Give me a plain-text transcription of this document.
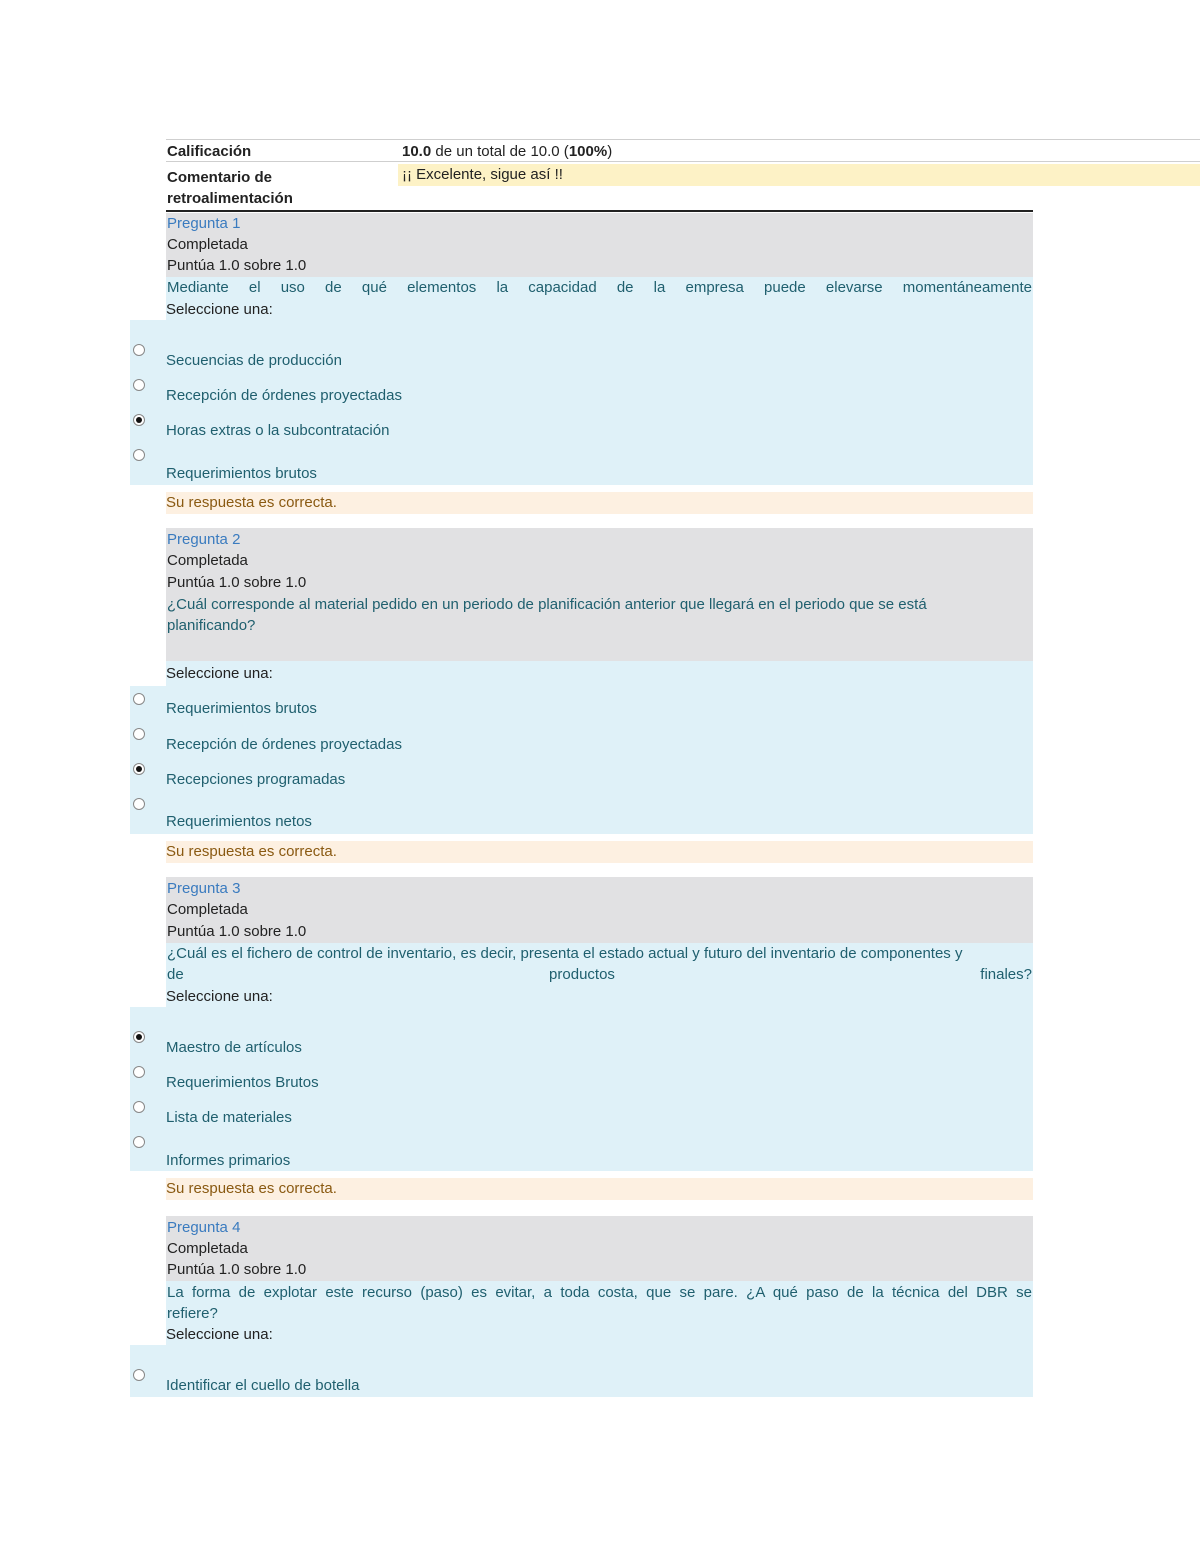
Calificación	10.0 de un total de 10.0 (100%)
Comentario de
retroalimentación
¡¡ Excelente, sigue así !!
Pregunta 1
Completada
Puntúa 1.0 sobre 1.0
Mediante el uso de qué elementos la capacidad de la empresa puede elevarse momentáneamente
Seleccione una:
Secuencias de producción
Recepción de órdenes proyectadas
Horas extras o la subcontratación
Requerimientos brutos
Su respuesta es correcta.
Pregunta 2
Completada
Puntúa 1.0 sobre 1.0
¿Cuál corresponde al material pedido en un periodo de planificación anterior que llegará en el periodo que se está
planificando?
Seleccione una:
Requerimientos brutos
Recepción de órdenes proyectadas
Recepciones programadas
Requerimientos netos
Su respuesta es correcta.
Pregunta 3
Completada
Puntúa 1.0 sobre 1.0
¿Cuál es el fichero de control de inventario, es decir, presenta el estado actual y futuro del inventario de componentes y
de productos finales?
Seleccione una:
Maestro de artículos
Requerimientos Brutos
Lista de materiales
Informes primarios
Su respuesta es correcta.
Pregunta 4
Completada
Puntúa 1.0 sobre 1.0
La forma de explotar este recurso (paso) es evitar, a toda costa, que se pare. ¿A qué paso de la técnica del DBR se
refiere?
Seleccione una:
Identificar el cuello de botella
